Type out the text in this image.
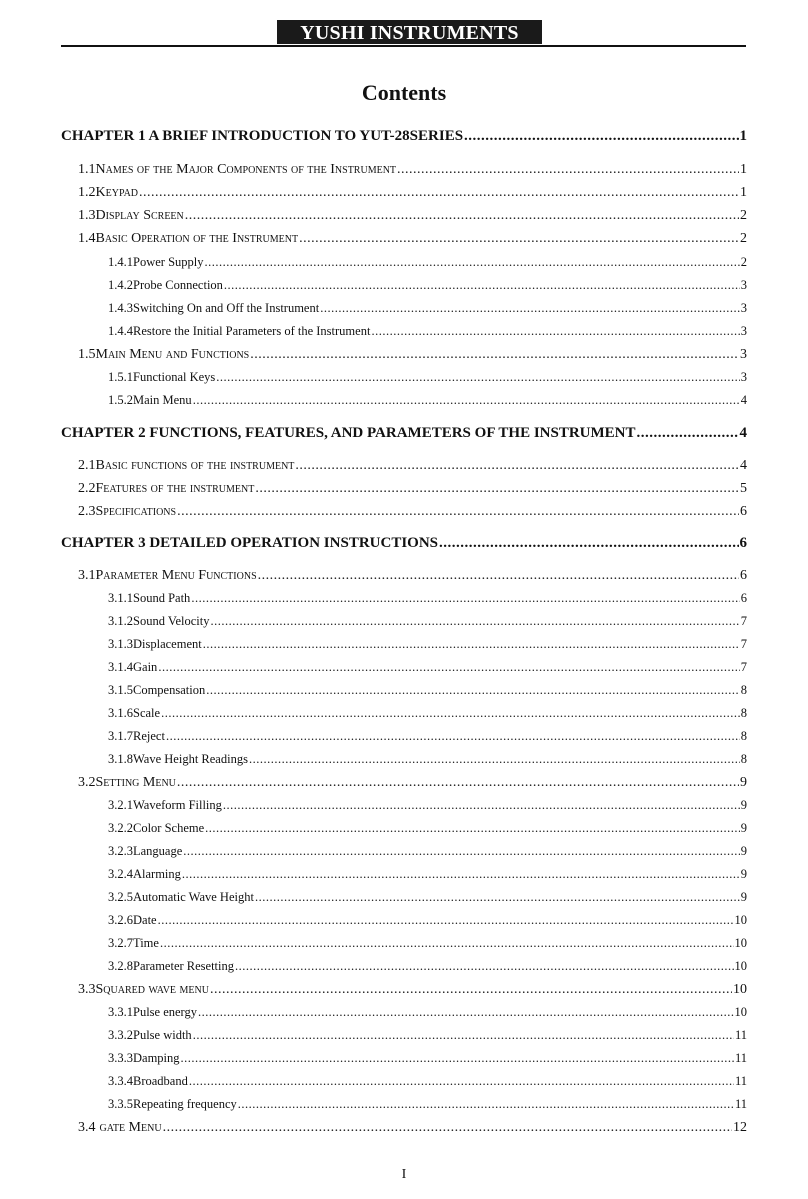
YUSHI INSTRUMENTS
Contents
CHAPTER 1 A BRIEF INTRODUCTION TO YUT-28SERIES .....	1
1.1 Names of the Major Components of the Instrument .....	1
1.2 Keypad .....	1
1.3 Display Screen .....	2
1.4 Basic Operation of the Instrument .....	2
1.4.1 Power Supply .....	2
1.4.2 Probe Connection .....	3
1.4.3 Switching On and Off the Instrument .....	3
1.4.4 Restore the Initial Parameters of the Instrument .....	3
1.5 Main Menu and Functions .....	3
1.5.1 Functional Keys .....	3
1.5.2 Main Menu .....	4
CHAPTER 2 FUNCTIONS, FEATURES, AND PARAMETERS OF THE INSTRUMENT .....	4
2.1 Basic functions of the instrument .....	4
2.2 Features of the instrument .....	5
2.3 Specifications .....	6
CHAPTER 3 DETAILED OPERATION INSTRUCTIONS .....	6
3.1 Parameter Menu Functions .....	6
3.1.1 Sound Path .....	6
3.1.2 Sound Velocity .....	7
3.1.3 Displacement .....	7
3.1.4 Gain .....	7
3.1.5 Compensation .....	8
3.1.6 Scale .....	8
3.1.7 Reject .....	8
3.1.8 Wave Height Readings .....	8
3.2 Setting Menu .....	9
3.2.1 Waveform Filling .....	9
3.2.2 Color Scheme .....	9
3.2.3 Language .....	9
3.2.4 Alarming .....	9
3.2.5 Automatic Wave Height .....	9
3.2.6 Date .....	10
3.2.7 Time .....	10
3.2.8 Parameter Resetting .....	10
3.3 Squared wave menu .....	10
3.3.1 Pulse energy .....	10
3.3.2 Pulse width .....	11
3.3.3 Damping .....	11
3.3.4 Broadband .....	11
3.3.5 Repeating frequency .....	11
3.4 gate Menu .....	12
I
